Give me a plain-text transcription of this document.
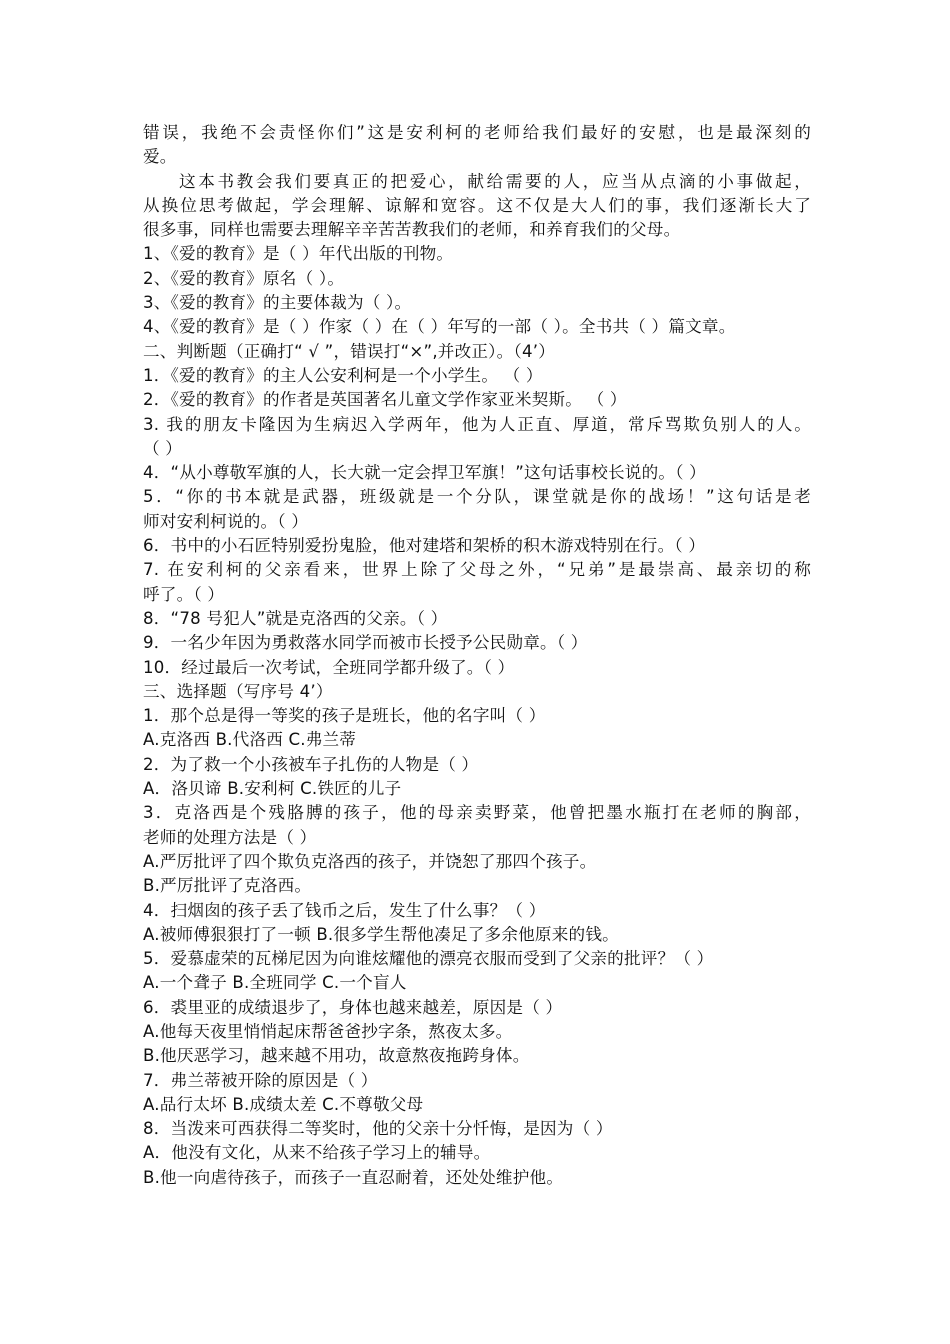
错误，我绝不会责怪你们”这是安利柯的老师给我们最好的安慰，也是最深刻的
爱。
这本书教会我们要真正的把爱心，献给需要的人，应当从点滴的小事做起，
从换位思考做起，学会理解、谅解和宽容。这不仅是大人们的事，我们逐渐长大了
很多事，同样也需要去理解辛辛苦苦教我们的老师，和养育我们的父母。
1、《爱的教育》是（ ）年代出版的刊物。
2、《爱的教育》原名（ ）。
3、《爱的教育》的主要体裁为（ ）。
4、《爱的教育》是（ ）作家（ ）在（ ）年写的一部（ ）。全书共（ ）篇文章。
二、判断题（正确打“ √ ”，错误打“×”,并改正）。（4’）
1．《爱的教育》的主人公安利柯是一个小学生。 （ ）
2．《爱的教育》的作者是英国著名儿童文学作家亚米契斯。 （ ）
3. 我的朋友卡隆因为生病迟入学两年，他为人正直、厚道，常斥骂欺负别人的人。
（ ）
4．“从小尊敬军旗的人，长大就一定会捍卫军旗！”这句话事校长说的。（ ）
5．“你的书本就是武器，班级就是一个分队，课堂就是你的战场！”这句话是老
师对安利柯说的。（ ）
6．书中的小石匠特别爱扮鬼脸，他对建塔和架桥的积木游戏特别在行。（ ）
7. 在安利柯的父亲看来，世界上除了父母之外，“兄弟”是最崇高、最亲切的称
呼了。（ ）
8．“78 号犯人”就是克洛西的父亲。（ ）
9．一名少年因为勇救落水同学而被市长授予公民勋章。（ ）
10．经过最后一次考试，全班同学都升级了。（ ）
三、选择题（写序号 4’）
1．那个总是得一等奖的孩子是班长，他的名字叫（ ）
A.克洛西 B.代洛西 C.弗兰蒂
2．为了救一个小孩被车子扎伤的人物是（ ）
A．洛贝谛 B.安利柯 C.铁匠的儿子
3．克洛西是个残胳膊的孩子，他的母亲卖野菜，他曾把墨水瓶打在老师的胸部，
老师的处理方法是（ ）
A.严厉批评了四个欺负克洛西的孩子，并饶恕了那四个孩子。
B.严厉批评了克洛西。
4．扫烟囱的孩子丢了钱币之后，发生了什么事？（ ）
A.被师傅狠狠打了一顿 B.很多学生帮他凑足了多余他原来的钱。
5．爱慕虚荣的瓦梯尼因为向谁炫耀他的漂亮衣服而受到了父亲的批评？（ ）
A.一个聋子 B.全班同学 C.一个盲人
6．裘里亚的成绩退步了，身体也越来越差，原因是（ ）
A.他每天夜里悄悄起床帮爸爸抄字条，熬夜太多。
B.他厌恶学习，越来越不用功，故意熬夜拖跨身体。
7．弗兰蒂被开除的原因是（ ）
A.品行太坏 B.成绩太差 C.不尊敬父母
8．当泼来可西获得二等奖时，他的父亲十分忏悔，是因为（ ）
A．他没有文化，从来不给孩子学习上的辅导。
B.他一向虐待孩子，而孩子一直忍耐着，还处处维护他。
